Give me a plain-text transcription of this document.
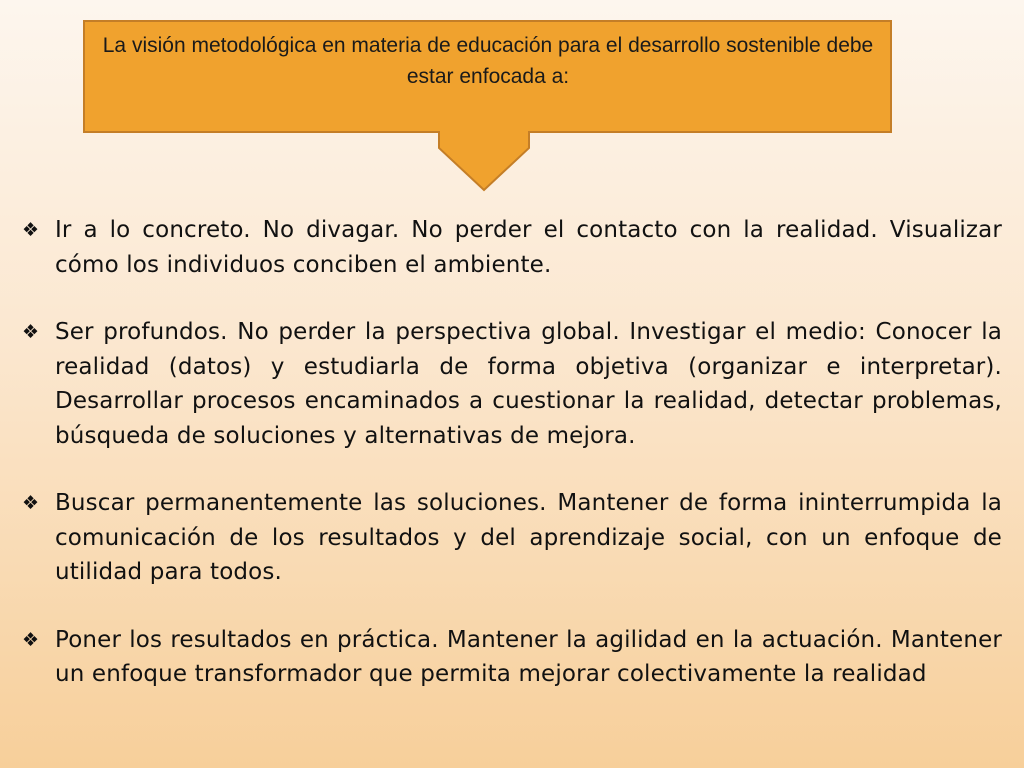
La visión metodológica en materia de educación para el desarrollo sostenible debe estar enfocada a:
❖ Ir a lo concreto. No divagar. No perder el contacto con la realidad. Visualizar cómo los individuos conciben el ambiente.
❖ Ser profundos. No perder la perspectiva global. Investigar el medio: Conocer la realidad (datos) y estudiarla de forma objetiva (organizar e interpretar). Desarrollar procesos encaminados a cuestionar la realidad, detectar problemas, búsqueda de soluciones y alternativas de mejora.
❖ Buscar permanentemente las soluciones. Mantener de forma ininterrumpida la comunicación de los resultados y del aprendizaje social, con un enfoque de utilidad para todos.
❖ Poner los resultados en práctica. Mantener la agilidad en la actuación. Mantener un enfoque transformador que permita mejorar colectivamente la realidad
